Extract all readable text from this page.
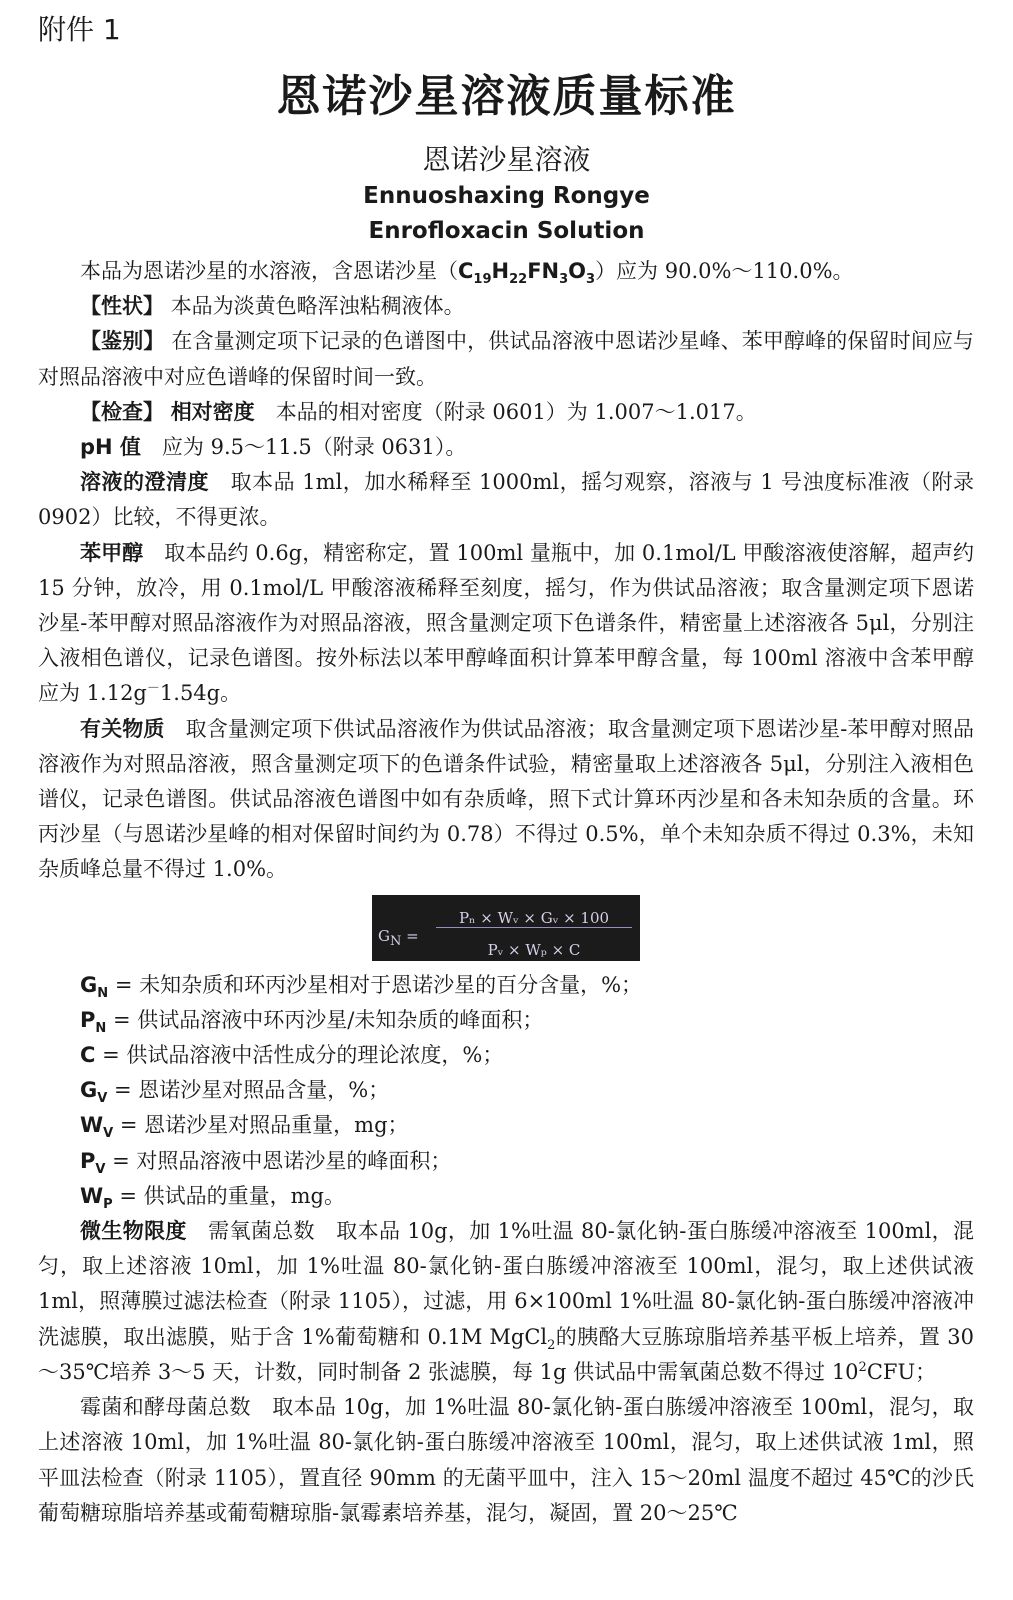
附件 1
恩诺沙星溶液质量标准
恩诺沙星溶液
Ennuoshaxing Rongye
Enrofloxacin Solution

本品为恩诺沙星的水溶液，含恩诺沙星$(C_{19}H_{22}FN_3O_3)$应为 90.0%～110.0%。

【性状】 本品为淡黄色略浑浊粘稠液体。

【鉴别】 在含量测定项下记录的色谱图中，供试品溶液中恩诺沙星峰、苯甲醇峰的保留时间应与对照品溶液中对应色谱峰的保留时间一致。

【检查】 相对密度　 本品的相对密度（附录 0601）为 1.007～1.017。

pH 值　 应为 9.5～11.5（附录 0631）。

溶液的澄清度　 取本品 1ml，加水稀释至 1000ml，摇匀观察，溶液与 1 号浊度标准液（附录 0902）比较，不得更浓。

苯甲醇　 取本品约 0.6g，精密称定，置 100ml 量瓶中，加 0.1mol/L 甲酸溶液使溶解，超声约 15 分钟，放冷，用 0.1mol/L 甲酸溶液稀释至刻度，摇匀，作为供试品溶液；取含量测定项下恩诺沙星-苯甲醇对照品溶液作为对照品溶液，照含量测定项下色谱条件，精密量上述溶液各 5μl，分别注入液相色谱仪，记录色谱图。按外标法以苯甲醇峰面积计算苯甲醇含量，每 100ml 溶液中含苯甲醇应为 1.12g－1.54g。

有关物质　 取含量测定项下供试品溶液作为供试品溶液；取含量测定项下恩诺沙星-苯甲醇对照品溶液作为对照品溶液，照含量测定项下的色谱条件试验，精密量取上述溶液各 5μl，分别注入液相色谱仪，记录色谱图。供试品溶液色谱图中如有杂质峰，照下式计算环丙沙星和各未知杂质的含量。环丙沙星（与恩诺沙星峰的相对保留时间约为 0.78）不得过 0.5%，单个未知杂质不得过 0.3%，未知杂质峰总量不得过 1.0%。

$G_N$ =
Pₙ × Wᵥ × Gᵥ × 100
Pᵥ × Wₚ × C

$G_N$ = 未知杂质和环丙沙星相对于恩诺沙星的百分含量，%；

$P_N$ = 供试品溶液中环丙沙星/未知杂质的峰面积；

C = 供试品溶液中活性成分的理论浓度，%；

$G_V$ = 恩诺沙星对照品含量，%；

$W_V$ = 恩诺沙星对照品重量，mg；

$P_V$ = 对照品溶液中恩诺沙星的峰面积；

$W_P$ = 供试品的重量，mg。

微生物限度　 需氧菌总数　 取本品 10g，加 1%吐温 80-氯化钠-蛋白胨缓冲溶液至 100ml，混匀，取上述溶液 10ml，加 1%吐温 80-氯化钠-蛋白胨缓冲溶液至 100ml，混匀，取上述供试液 1ml，照薄膜过滤法检查（附录 1105），过滤，用 6×100ml 1%吐温 80-氯化钠-蛋白胨缓冲溶液冲洗滤膜，取出滤膜，贴于含 1%葡萄糖和 0.1M MgCl$_2$的胰酪大豆胨琼脂培养基平板上培养，置 30～35℃培养 3～5 天，计数，同时制备 2 张滤膜，每 1g 供试品中需氧菌总数不得过 $10^2CFU$；

霉菌和酵母菌总数　 取本品 10g，加 1%吐温 80-氯化钠-蛋白胨缓冲溶液至 100ml，混匀，取上述溶液 10ml，加 1%吐温 80-氯化钠-蛋白胨缓冲溶液至 100ml，混匀，取上述供试液 1ml，照平皿法检查（附录 1105），置直径 90mm 的无菌平皿中，注入 15～20ml 温度不超过 45℃的沙氏葡萄糖琼脂培养基或葡萄糖琼脂-氯霉素培养基，混匀，凝固，置 20～25℃
